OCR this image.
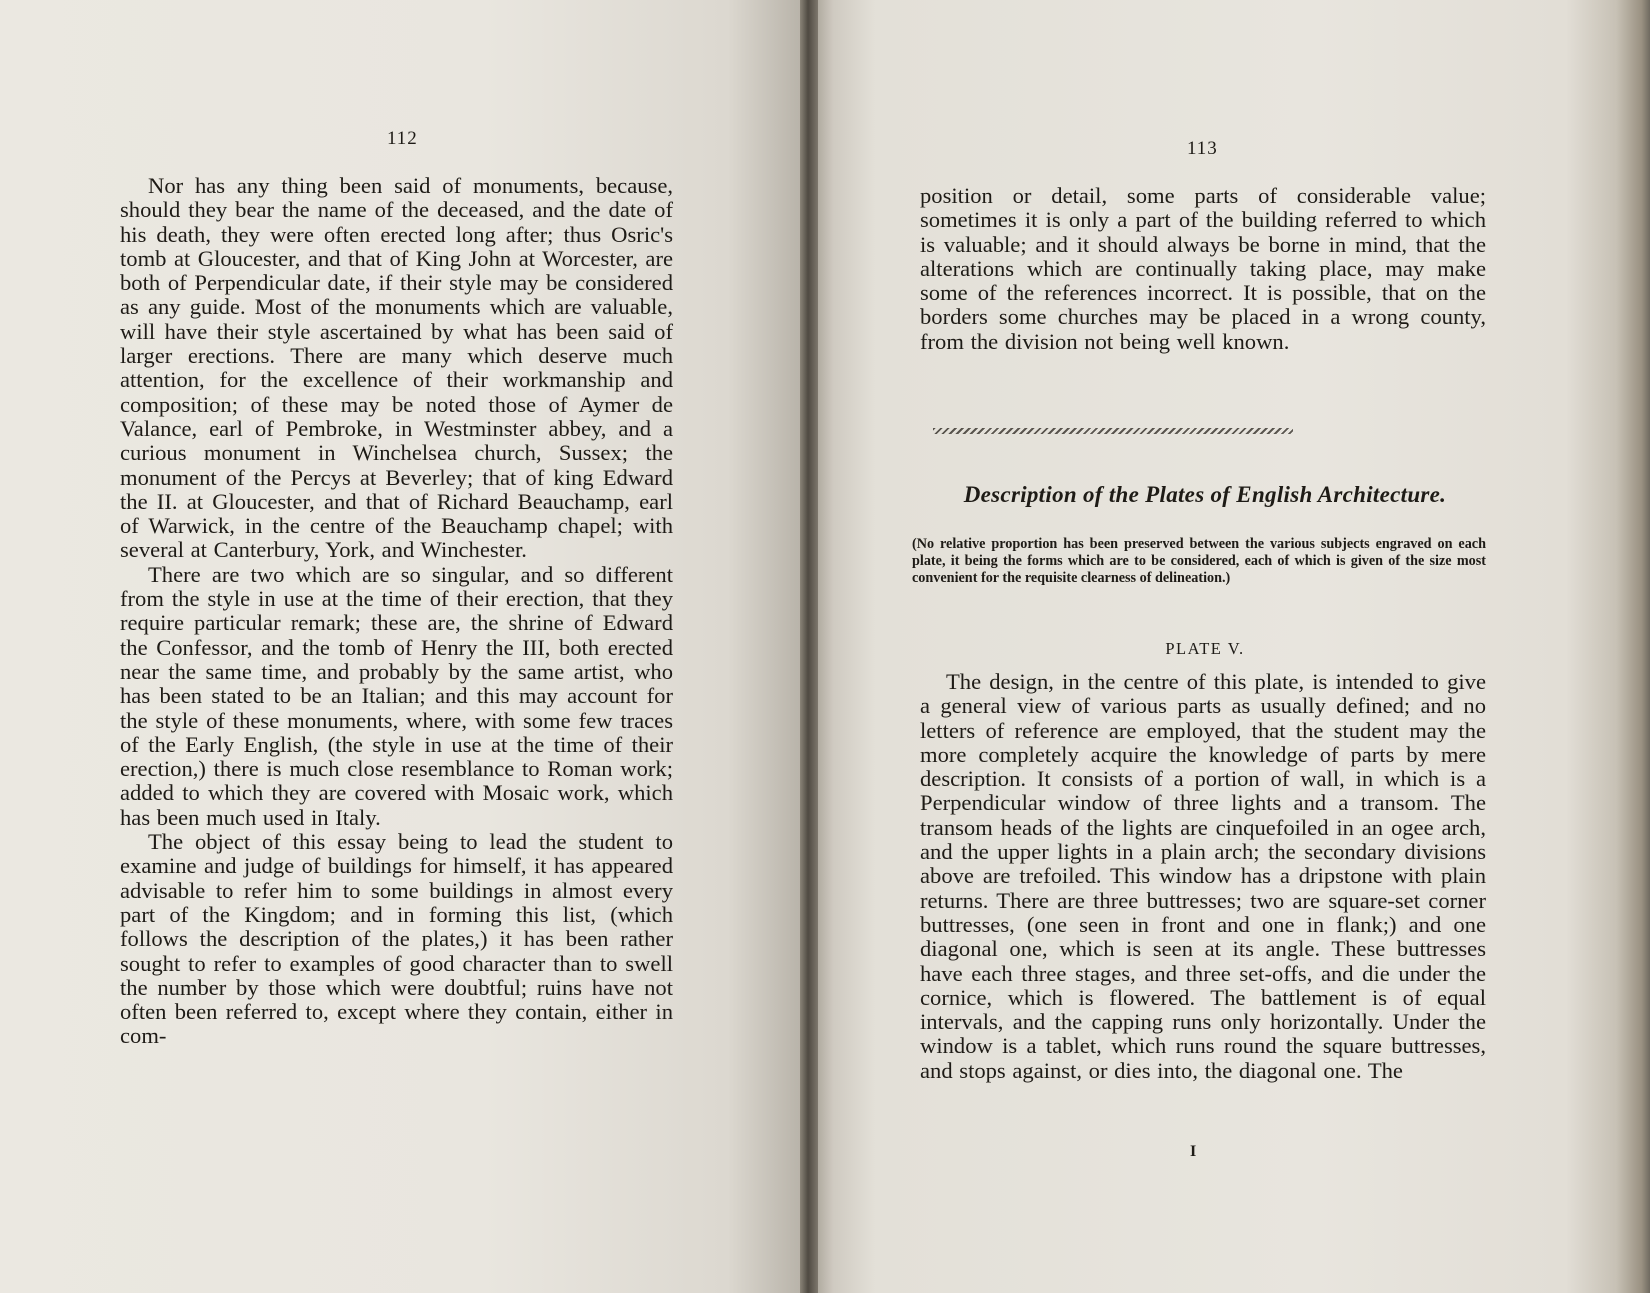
112

Nor has any thing been said of monuments, because, should they bear the name of the deceased, and the date of his death, they were often erected long after; thus Osric's tomb at Gloucester, and that of King John at Worcester, are both of Perpendicular date, if their style may be considered as any guide. Most of the monuments which are valuable, will have their style ascertained by what has been said of larger erections. There are many which deserve much attention, for the excellence of their workmanship and composition; of these may be noted those of Aymer de Valance, earl of Pembroke, in Westminster abbey, and a curious monument in Winchelsea church, Sussex; the monument of the Percys at Beverley; that of king Edward the II. at Gloucester, and that of Richard Beauchamp, earl of Warwick, in the centre of the Beauchamp chapel; with several at Canterbury, York, and Winchester.

There are two which are so singular, and so different from the style in use at the time of their erection, that they require particular remark; these are, the shrine of Edward the Confessor, and the tomb of Henry the III, both erected near the same time, and probably by the same artist, who has been stated to be an Italian; and this may account for the style of these monuments, where, with some few traces of the Early English, (the style in use at the time of their erection,) there is much close resemblance to Roman work; added to which they are covered with Mosaic work, which has been much used in Italy.

The object of this essay being to lead the student to examine and judge of buildings for himself, it has appeared advisable to refer him to some buildings in almost every part of the Kingdom; and in forming this list, (which follows the description of the plates,) it has been rather sought to refer to examples of good character than to swell the number by those which were doubtful; ruins have not often been referred to, except where they contain, either in com-

113

position or detail, some parts of considerable value; sometimes it is only a part of the building referred to which is valuable; and it should always be borne in mind, that the alterations which are continually taking place, may make some of the references incorrect. It is possible, that on the borders some churches may be placed in a wrong county, from the division not being well known.

Description of the Plates of English Architecture.
(No relative proportion has been preserved between the various subjects engraved on each plate, it being the forms which are to be considered, each of which is given of the size most convenient for the requisite clearness of delineation.)
PLATE V.

The design, in the centre of this plate, is intended to give a general view of various parts as usually defined; and no letters of reference are employed, that the student may the more completely acquire the knowledge of parts by mere description. It consists of a portion of wall, in which is a Perpendicular window of three lights and a transom. The transom heads of the lights are cinquefoiled in an ogee arch, and the upper lights in a plain arch; the secondary divisions above are trefoiled. This window has a dripstone with plain returns. There are three buttresses; two are square-set corner buttresses, (one seen in front and one in flank;) and one diagonal one, which is seen at its angle. These buttresses have each three stages, and three set-offs, and die under the cornice, which is flowered. The battlement is of equal intervals, and the capping runs only horizontally. Under the window is a tablet, which runs round the square buttresses, and stops against, or dies into, the diagonal one. The

I
